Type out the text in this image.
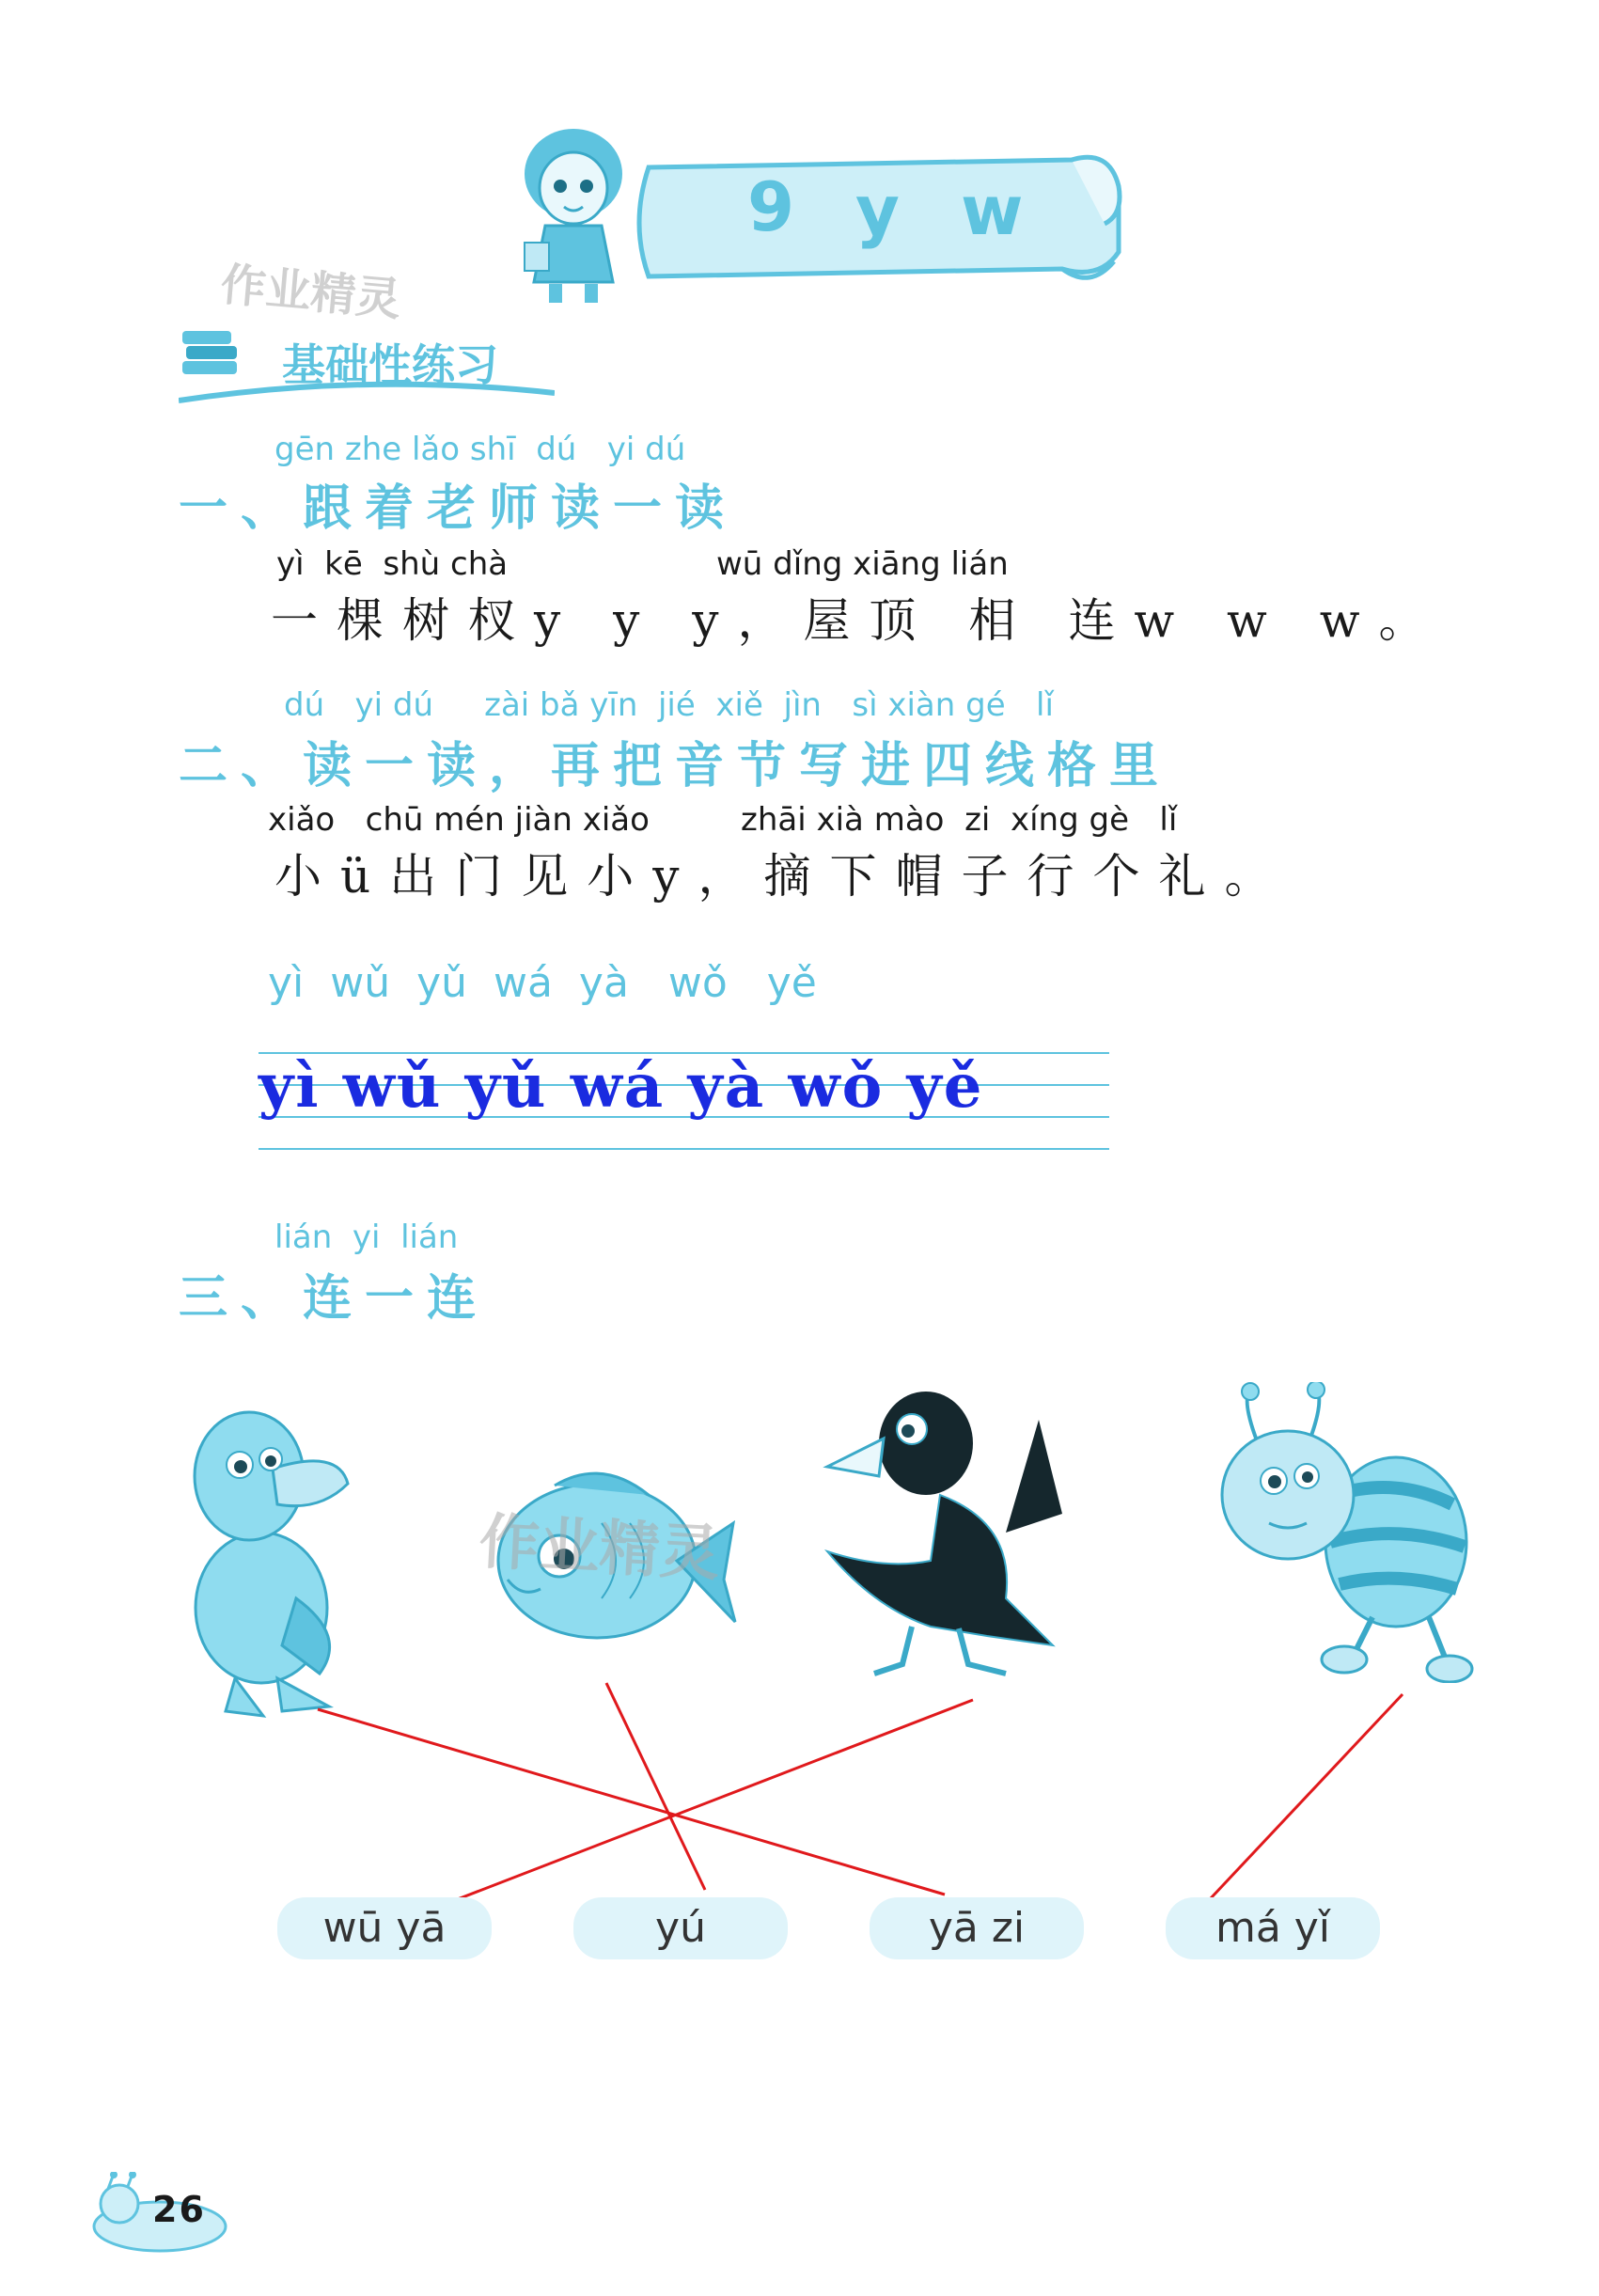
9 y w
作业精灵
基础性练习
gēn zhe lǎo shī  dú   yi dú
一、跟着老师读一读
yì  kē  shù chà	wū dǐng xiāng lián
一棵树杈y y y，屋顶 相 连w w w。
dú   yi dú     zài bǎ yīn  jié  xiě  jìn   sì xiàn gé   lǐ
二、读一读，再把音节写进四线格里
xiǎo   chū mén jiàn xiǎo	zhāi xià mào  zi  xíng gè   lǐ
小ü出门见小y，摘下帽子行个礼。
yì  wǔ  yǔ  wá  yà   wǒ   yě
yì wǔ yǔ wá yà wǒ yě
lián  yi  lián
三、连一连
作业精灵
wū yā	yú	yā zi	má yǐ
26
